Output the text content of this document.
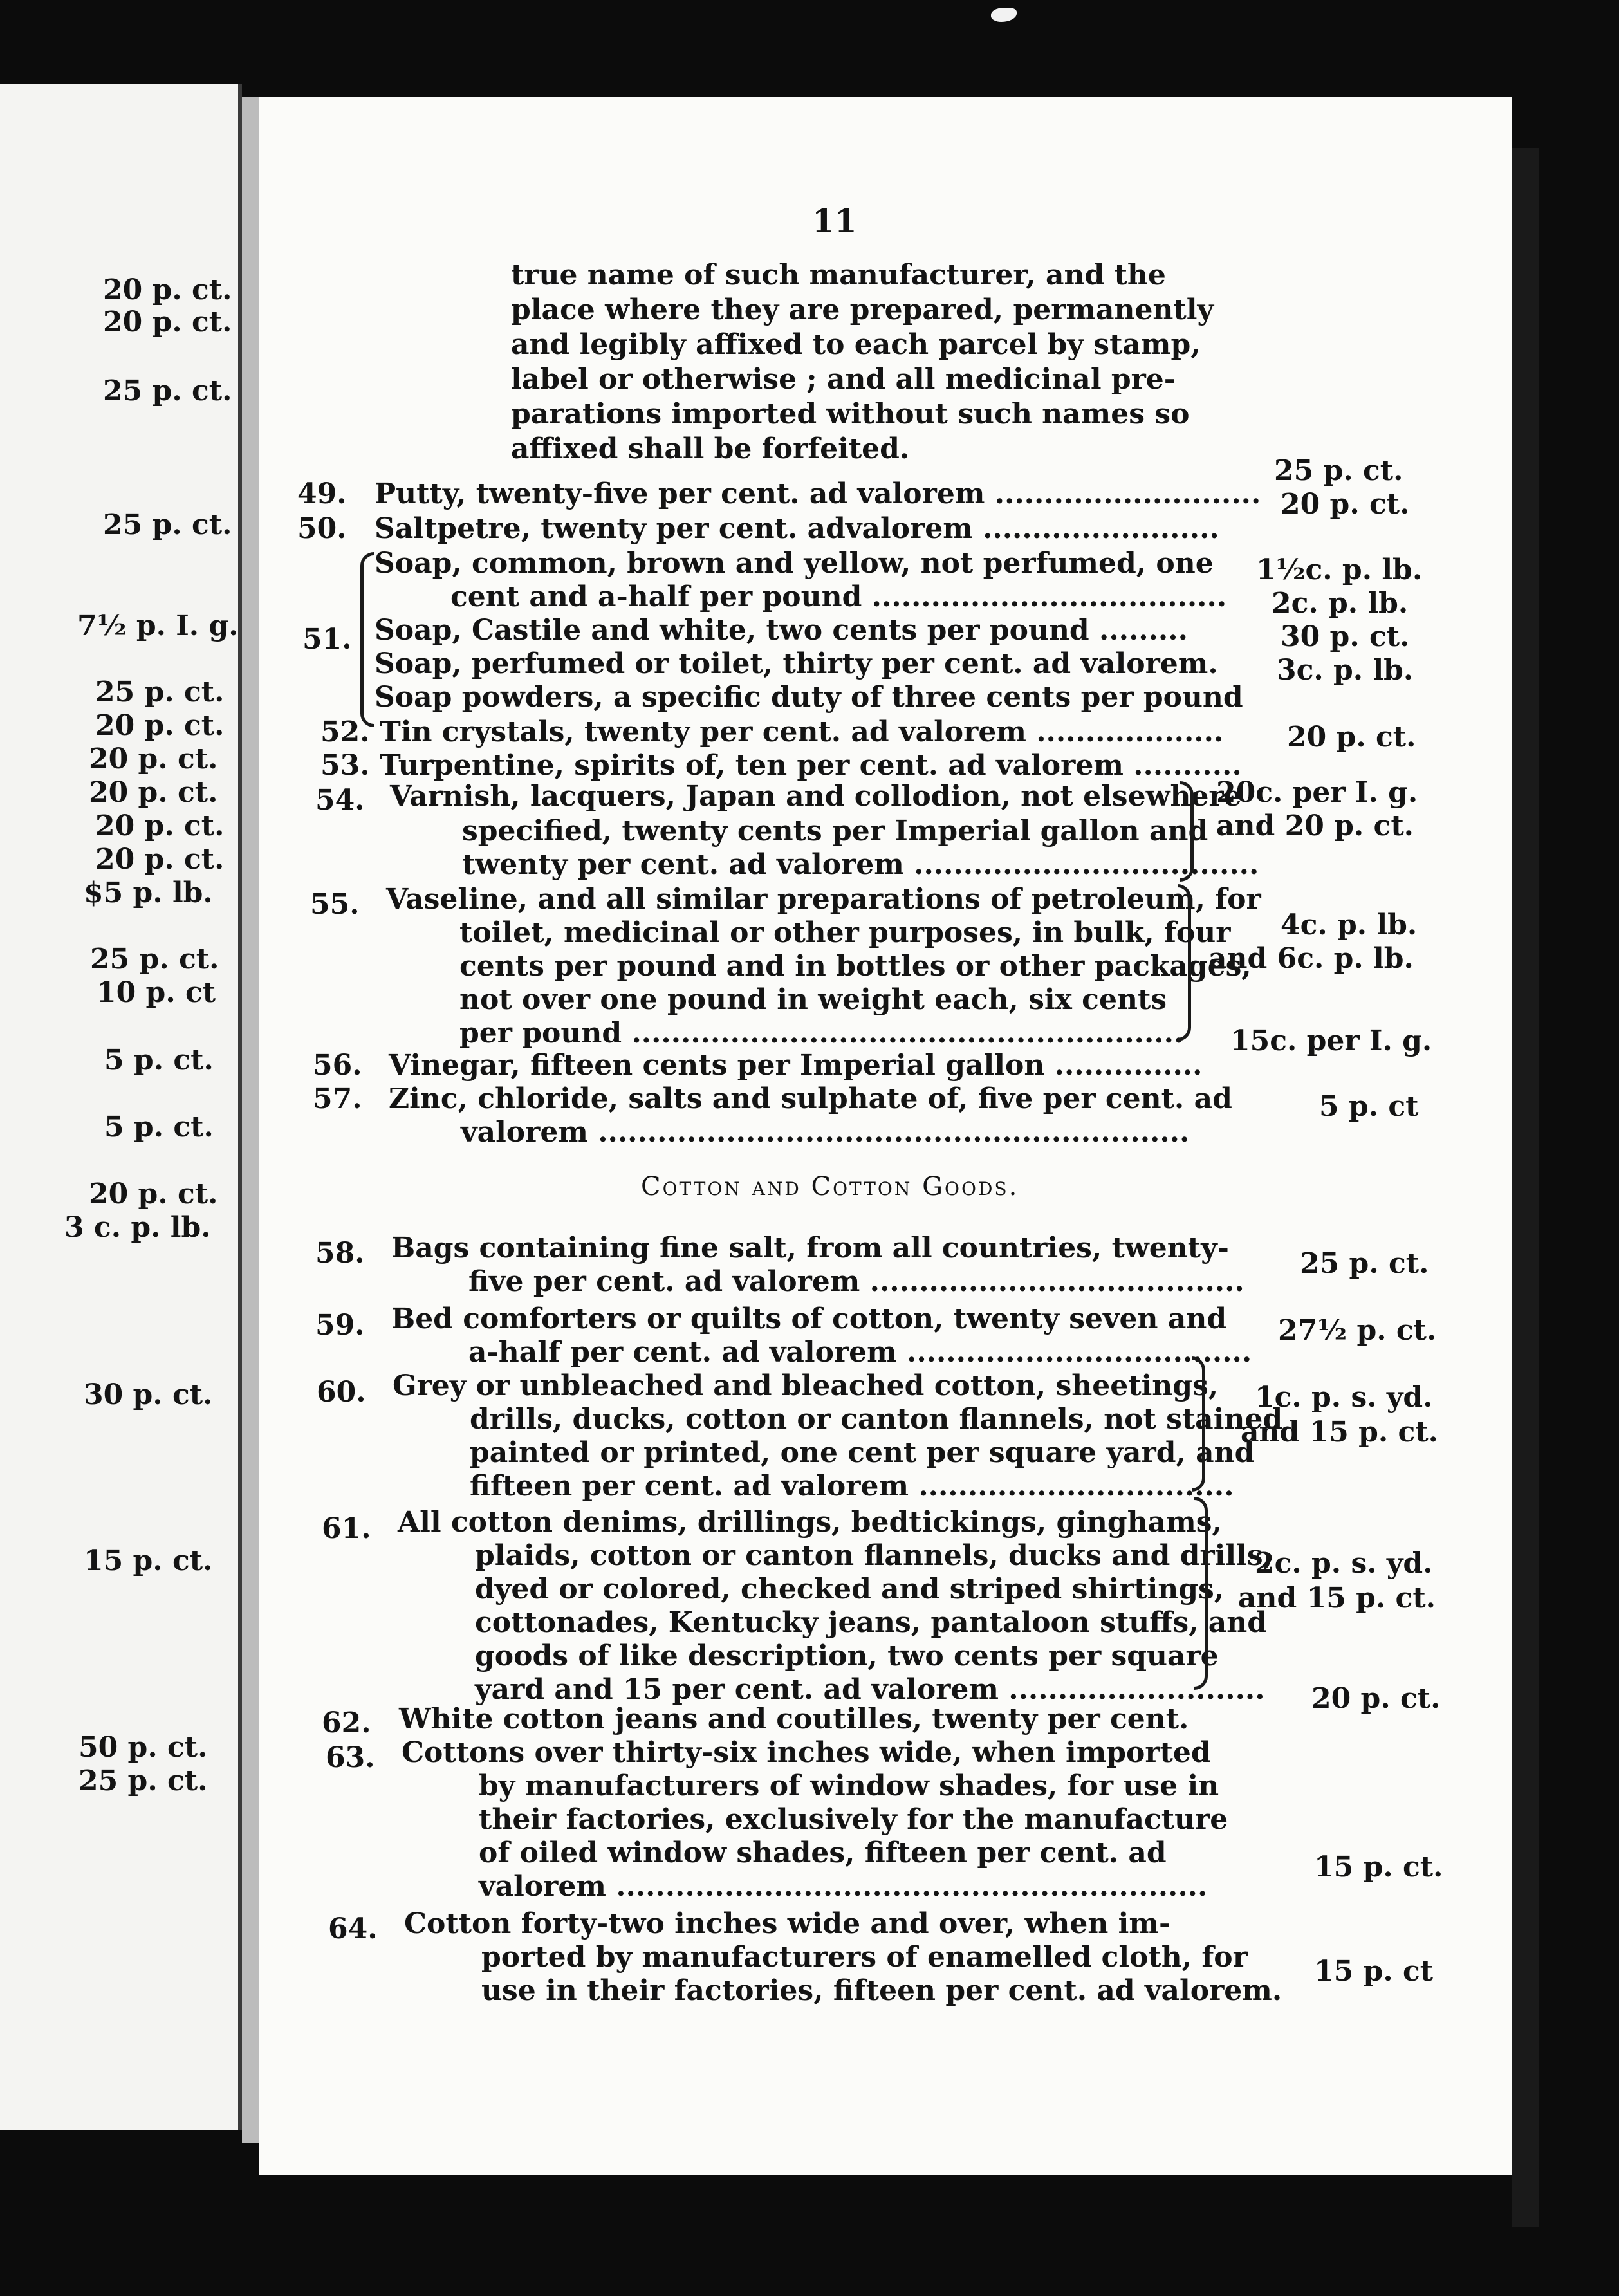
11
20 p. ct.
20 p. ct.
25 p. ct.
25 p. ct.
7½ p. I. g.
25 p. ct.
20 p. ct.
20 p. ct.
20 p. ct.
20 p. ct.
20 p. ct.
$5 p. lb.
25 p. ct.
10 p. ct
5 p. ct.
5 p. ct.
20 p. ct.
3 c. p. lb.
30 p. ct.
15 p. ct.
50 p. ct.
25 p. ct.
true name of such manufacturer, and the
place where they are prepared, permanently
and legibly affixed to each parcel by stamp,
label or otherwise ; and all medicinal pre-
parations imported without such names so
affixed shall be forfeited.
49. Putty, twenty-five per cent. ad valorem ...........................
25 p. ct.
50. Saltpetre, twenty per cent. advalorem ........................
20 p. ct.
51.
Soap, common, brown and yellow, not perfumed, one
cent and a-half per pound ....................................
Soap, Castile and white, two cents per pound .........
Soap, perfumed or toilet, thirty per cent. ad valorem.
Soap powders, a specific duty of three cents per pound
1½c. p. lb.
2c. p. lb.
30 p. ct.
3c. p. lb.
52. Tin crystals, twenty per cent. ad valorem ................... 20 p. ct.
53. Turpentine, spirits of, ten per cent. ad valorem ...........
54. Varnish, lacquers, Japan and collodion, not elsewhere
specified, twenty cents per Imperial gallon and
twenty per cent. ad valorem ...................................
20c. per I. g.
and 20 p. ct.
55. Vaseline, and all similar preparations of petroleum, for
toilet, medicinal or other purposes, in bulk, four
cents per pound and in bottles or other packages,
not over one pound in weight each, six cents
per pound ........................................................
4c. p. lb.
and 6c. p. lb.
56. Vinegar, fifteen cents per Imperial gallon ...............
15c. per I. g.
57. Zinc, chloride, salts and sulphate of, five per cent. ad
valorem ............................................................
5 p. ct
Cotton and Cotton Goods.
58. Bags containing fine salt, from all countries, twenty-
five per cent. ad valorem ......................................
25 p. ct.
59. Bed comforters or quilts of cotton, twenty seven and
a-half per cent. ad valorem ...................................
27½ p. ct.
60. Grey or unbleached and bleached cotton, sheetings,
drills, ducks, cotton or canton flannels, not stained
painted or printed, one cent per square yard, and
fifteen per cent. ad valorem ................................
1c. p. s. yd.
and 15 p. ct.
61. All cotton denims, drillings, bedtickings, ginghams,
plaids, cotton or canton flannels, ducks and drills,
dyed or colored, checked and striped shirtings,
cottonades, Kentucky jeans, pantaloon stuffs, and
goods of like description, two cents per square
yard and 15 per cent. ad valorem ..........................
2c. p. s. yd.
and 15 p. ct.
62. White cotton jeans and coutilles, twenty per cent.
20 p. ct.
63. Cottons over thirty-six inches wide, when imported
by manufacturers of window shades, for use in
their factories, exclusively for the manufacture
of oiled window shades, fifteen per cent. ad
valorem ............................................................
15 p. ct.
64. Cotton forty-two inches wide and over, when im-
ported by manufacturers of enamelled cloth, for
use in their factories, fifteen per cent. ad valorem.
15 p. ct
